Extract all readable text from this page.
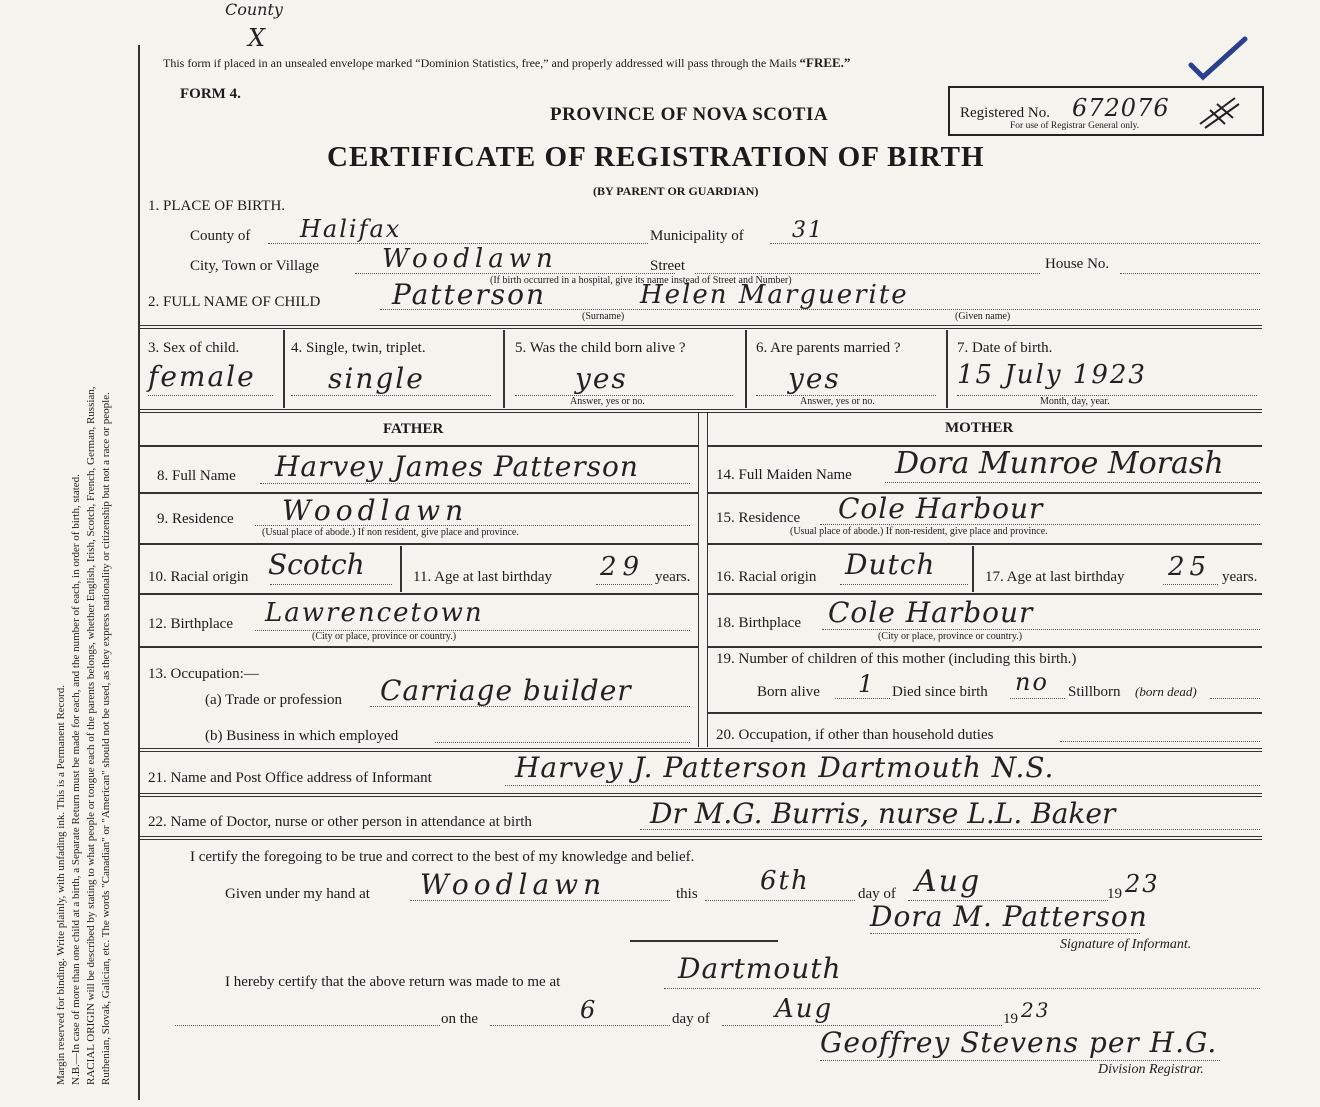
County
X
Margin reserved for binding. Write plainly, with unfading ink. This is a Permanent Record. N.B.—In case of more than one child at a birth, a Separate Return must be made for each, and the number of each, in order of birth, stated. RACIAL ORIGIN will be described by stating to what people or tongue each of the parents belongs, whether English, Irish, Scotch, French, German, Russian, Ruthenian, Slovak, Galician, etc. The words "Canadian" or "American" should not be used, as they express nationality or citizenship but not a race or people.
This form if placed in an unsealed envelope marked “Dominion Statistics, free,” and properly addressed will pass through the Mails “FREE.”
FORM 4.
PROVINCE OF NOVA SCOTIA
CERTIFICATE OF REGISTRATION OF BIRTH
(BY PARENT OR GUARDIAN)
Registered No. 672076
For use of Registrar General only.
1. PLACE OF BIRTH.
County of Halifax	Municipality of 31
City, Town or Village Woodlawn	Street	House No.
(If birth occurred in a hospital, give its name instead of Street and Number)
2. FULL NAME OF CHILD	Patterson	Helen Marguerite
(Surname)	(Given name)
3. Sex of child.
female
4. Single, twin, triplet.
single
5. Was the child born alive ?
yes
Answer, yes or no.
6. Are parents married ?
yes
Answer, yes or no.
7. Date of birth.
15 July 1923
Month, day, year.
FATHER	MOTHER
8. Full Name Harvey James Patterson
9. Residence Woodlawn
(Usual place of abode.) If non resident, give place and province.
10. Racial origin Scotch	11. Age at last birthday 29 years.
12. Birthplace Lawrencetown
(City or place, province or country.)
13. Occupation:—
(a) Trade or profession Carriage builder
(b) Business in which employed
14. Full Maiden Name Dora Munroe Morash
15. Residence Cole Harbour
(Usual place of abode.) If non-resident, give place and province.
16. Racial origin Dutch	17. Age at last birthday 25 years.
18. Birthplace Cole Harbour
(City or place, province or country.)
19. Number of children of this mother (including this birth.)
Born alive 1 Died since birth no Stillborn (born dead)
20. Occupation, if other than household duties
21. Name and Post Office address of Informant	Harvey J. Patterson Dartmouth N.S.
22. Name of Doctor, nurse or other person in attendance at birth	Dr M.G. Burris, nurse L.L. Baker
I certify the foregoing to be true and correct to the best of my knowledge and belief.
Given under my hand at Woodlawn	this 6th	day of Aug	19 23
Dora M. Patterson
Signature of Informant.
I hereby certify that the above return was made to me at	Dartmouth
on the	6	day of	Aug	19 23
Geoffrey Stevens per H.G.
Division Registrar.
